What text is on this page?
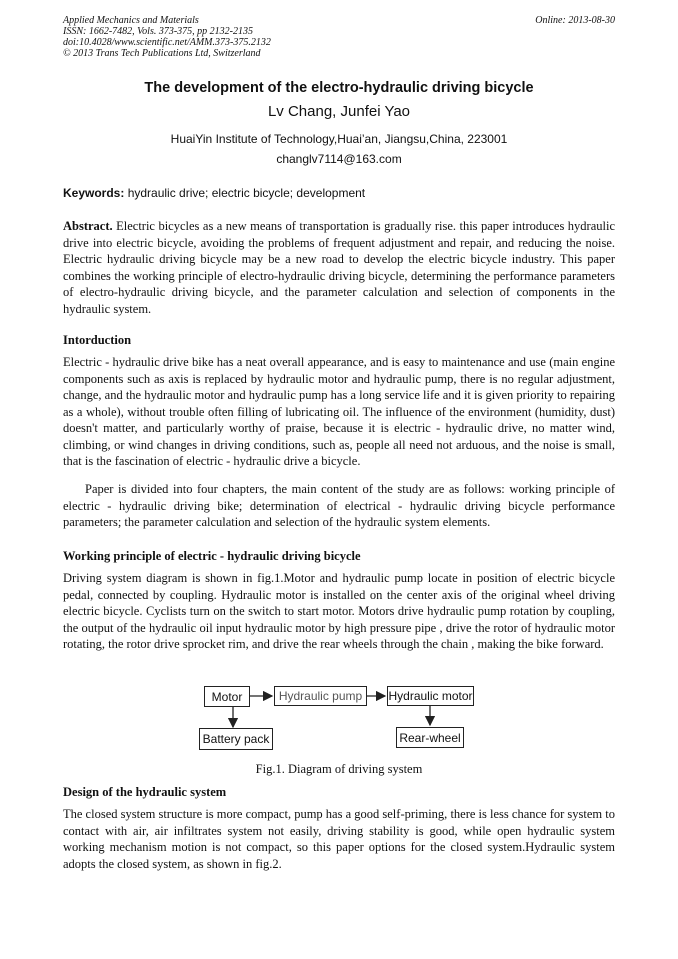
Applied Mechanics and Materials
ISSN: 1662-7482, Vols. 373-375, pp 2132-2135
doi:10.4028/www.scientific.net/AMM.373-375.2132
© 2013 Trans Tech Publications Ltd, Switzerland
Online: 2013-08-30
The development of the electro-hydraulic driving bicycle
Lv Chang, Junfei Yao
HuaiYin Institute of Technology,Huai’an, Jiangsu,China, 223001
changlv7114@163.com
Keywords: hydraulic drive; electric bicycle; development

Abstract. Electric bicycles as a new means of transportation is gradually rise. this paper introduces hydraulic drive into electric bicycle, avoiding the problems of frequent adjustment and repair, and reducing the noise. Electric hydraulic driving bicycle may be a new road to develop the electric bicycle industry. This paper combines the working principle of electro-hydraulic driving bicycle, determining the performance parameters of electro-hydraulic driving bicycle, and the parameter calculation and selection of components in the hydraulic system.

Intorduction

Electric - hydraulic drive bike has a neat overall appearance, and is easy to maintenance and use (main engine components such as axis is replaced by hydraulic motor and hydraulic pump, there is no regular adjustment, change, and the hydraulic motor and hydraulic pump has a long service life and it is given priority to repairing as a whole), without trouble often filling of lubricating oil. The influence of the environment (humidity, dust) doesn't matter, and particularly worthy of praise, because it is electric - hydraulic drive, no matter wind, climbing, or wind changes in driving conditions, such as, people all need not arduous, and the noise is small, that is the fascination of electric - hydraulic drive a bicycle.

Paper is divided into four chapters, the main content of the study are as follows: working principle of electric - hydraulic driving bike; determination of electrical - hydraulic driving bicycle performance parameters; the parameter calculation and selection of the hydraulic system elements.

Working principle of electric - hydraulic driving bicycle

Driving system diagram is shown in fig.1.Motor and hydraulic pump locate in position of electric bicycle pedal, connected by coupling. Hydraulic motor is installed on the center axis of the original wheel driving electric bicycle. Cyclists turn on the switch to start motor. Motors drive hydraulic pump rotation by coupling, the output of the hydraulic oil input hydraulic motor by high pressure pipe , drive the rotor of hydraulic motor rotating, the rotor drive sprocket rim, and drive the rear wheels through the chain , making the bike forward.

Motor	Hydraulic pump	Hydraulic motor
Battery pack	Rear-wheel
Fig.1. Diagram of driving system
Design of the hydraulic system

The closed system structure is more compact, pump has a good self-priming, there is less chance for system to contact with air, air infiltrates system not easily, driving stability is good, while open hydraulic system working mechanism motion is not compact, so this paper options for the closed system.Hydraulic system adopts the closed system, as shown in fig.2.
